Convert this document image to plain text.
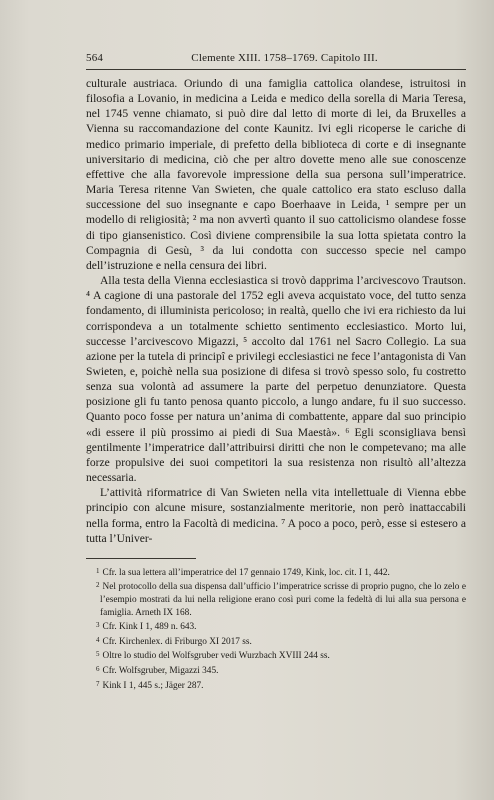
564	Clemente XIII. 1758–1769. Capitolo III.

culturale austriaca. Oriundo di una famiglia cattolica olandese, istruitosi in filosofia a Lovanio, in medicina a Leida e medico della sorella di Maria Teresa, nel 1745 venne chiamato, si può dire dal letto di morte di lei, da Bruxelles a Vienna su raccomandazione del conte Kaunitz. Ivi egli ricoperse le cariche di medico primario imperiale, di prefetto della biblioteca di corte e di insegnante universitario di medicina, ciò che per altro dovette meno alle sue conoscenze effettive che alla favorevole impressione della sua persona sull’imperatrice. Maria Teresa ritenne Van Swieten, che quale cattolico era stato escluso dalla successione del suo insegnante e capo Boerhaave in Leida, ¹ sempre per un modello di religiosità; ² ma non avvertì quanto il suo cattolicismo olandese fosse di tipo giansenistico. Così diviene comprensibile la sua lotta spietata contro la Compagnia di Gesù, ³ da lui condotta con successo specie nel campo dell’istruzione e nella censura dei libri.

Alla testa della Vienna ecclesiastica si trovò dapprima l’arcivescovo Trautson. ⁴ A cagione di una pastorale del 1752 egli aveva acquistato voce, del tutto senza fondamento, di illuminista pericoloso; in realtà, quello che ivi era richiesto da lui corrispondeva a un totalmente schietto sentimento ecclesiastico. Morto lui, successe l’arcivescovo Migazzi, ⁵ accolto dal 1761 nel Sacro Collegio. La sua azione per la tutela di principî e privilegi ecclesiastici ne fece l’antagonista di Van Swieten, e, poichè nella sua posizione di difesa si trovò spesso solo, fu costretto senza sua volontà ad assumere la parte del perpetuo denunziatore. Questa posizione gli fu tanto penosa quanto piccolo, a lungo andare, fu il suo successo. Quanto poco fosse per natura un’anima di combattente, appare dal suo principio «di essere il più prossimo ai piedi di Sua Maestà». ⁶ Egli sconsigliava bensì gentilmente l’imperatrice dall’attribuirsi diritti che non le competevano; ma alle forze propulsive dei suoi competitori la sua resistenza non risultò all’altezza necessaria.

L’attività riformatrice di Van Swieten nella vita intellettuale di Vienna ebbe principio con alcune misure, sostanzialmente meritorie, non però inattaccabili nella forma, entro la Facoltà di medicina. ⁷ A poco a poco, però, esse si estesero a tutta l’Univer-

$^1$ Cfr. la sua lettera all’imperatrice del 17 gennaio 1749, Kink, loc. cit. I 1, 442.

$^2$ Nel protocollo della sua dispensa dall’ufficio l’imperatrice scrisse di proprio pugno, che lo zelo e l’esempio mostrati da lui nella religione erano così puri come la fedeltà di lui alla sua persona e famiglia. Arneth IX 168.

$^3$ Cfr. Kink I 1, 489 n. 643.

$^4$ Cfr. Kirchenlex. di Friburgo XI 2017 ss.

$^5$ Oltre lo studio del Wolfsgruber vedi Wurzbach XVIII 244 ss.

$^6$ Cfr. Wolfsgruber, Migazzi 345.

$^7$ Kink I 1, 445 s.; Jäger 287.
